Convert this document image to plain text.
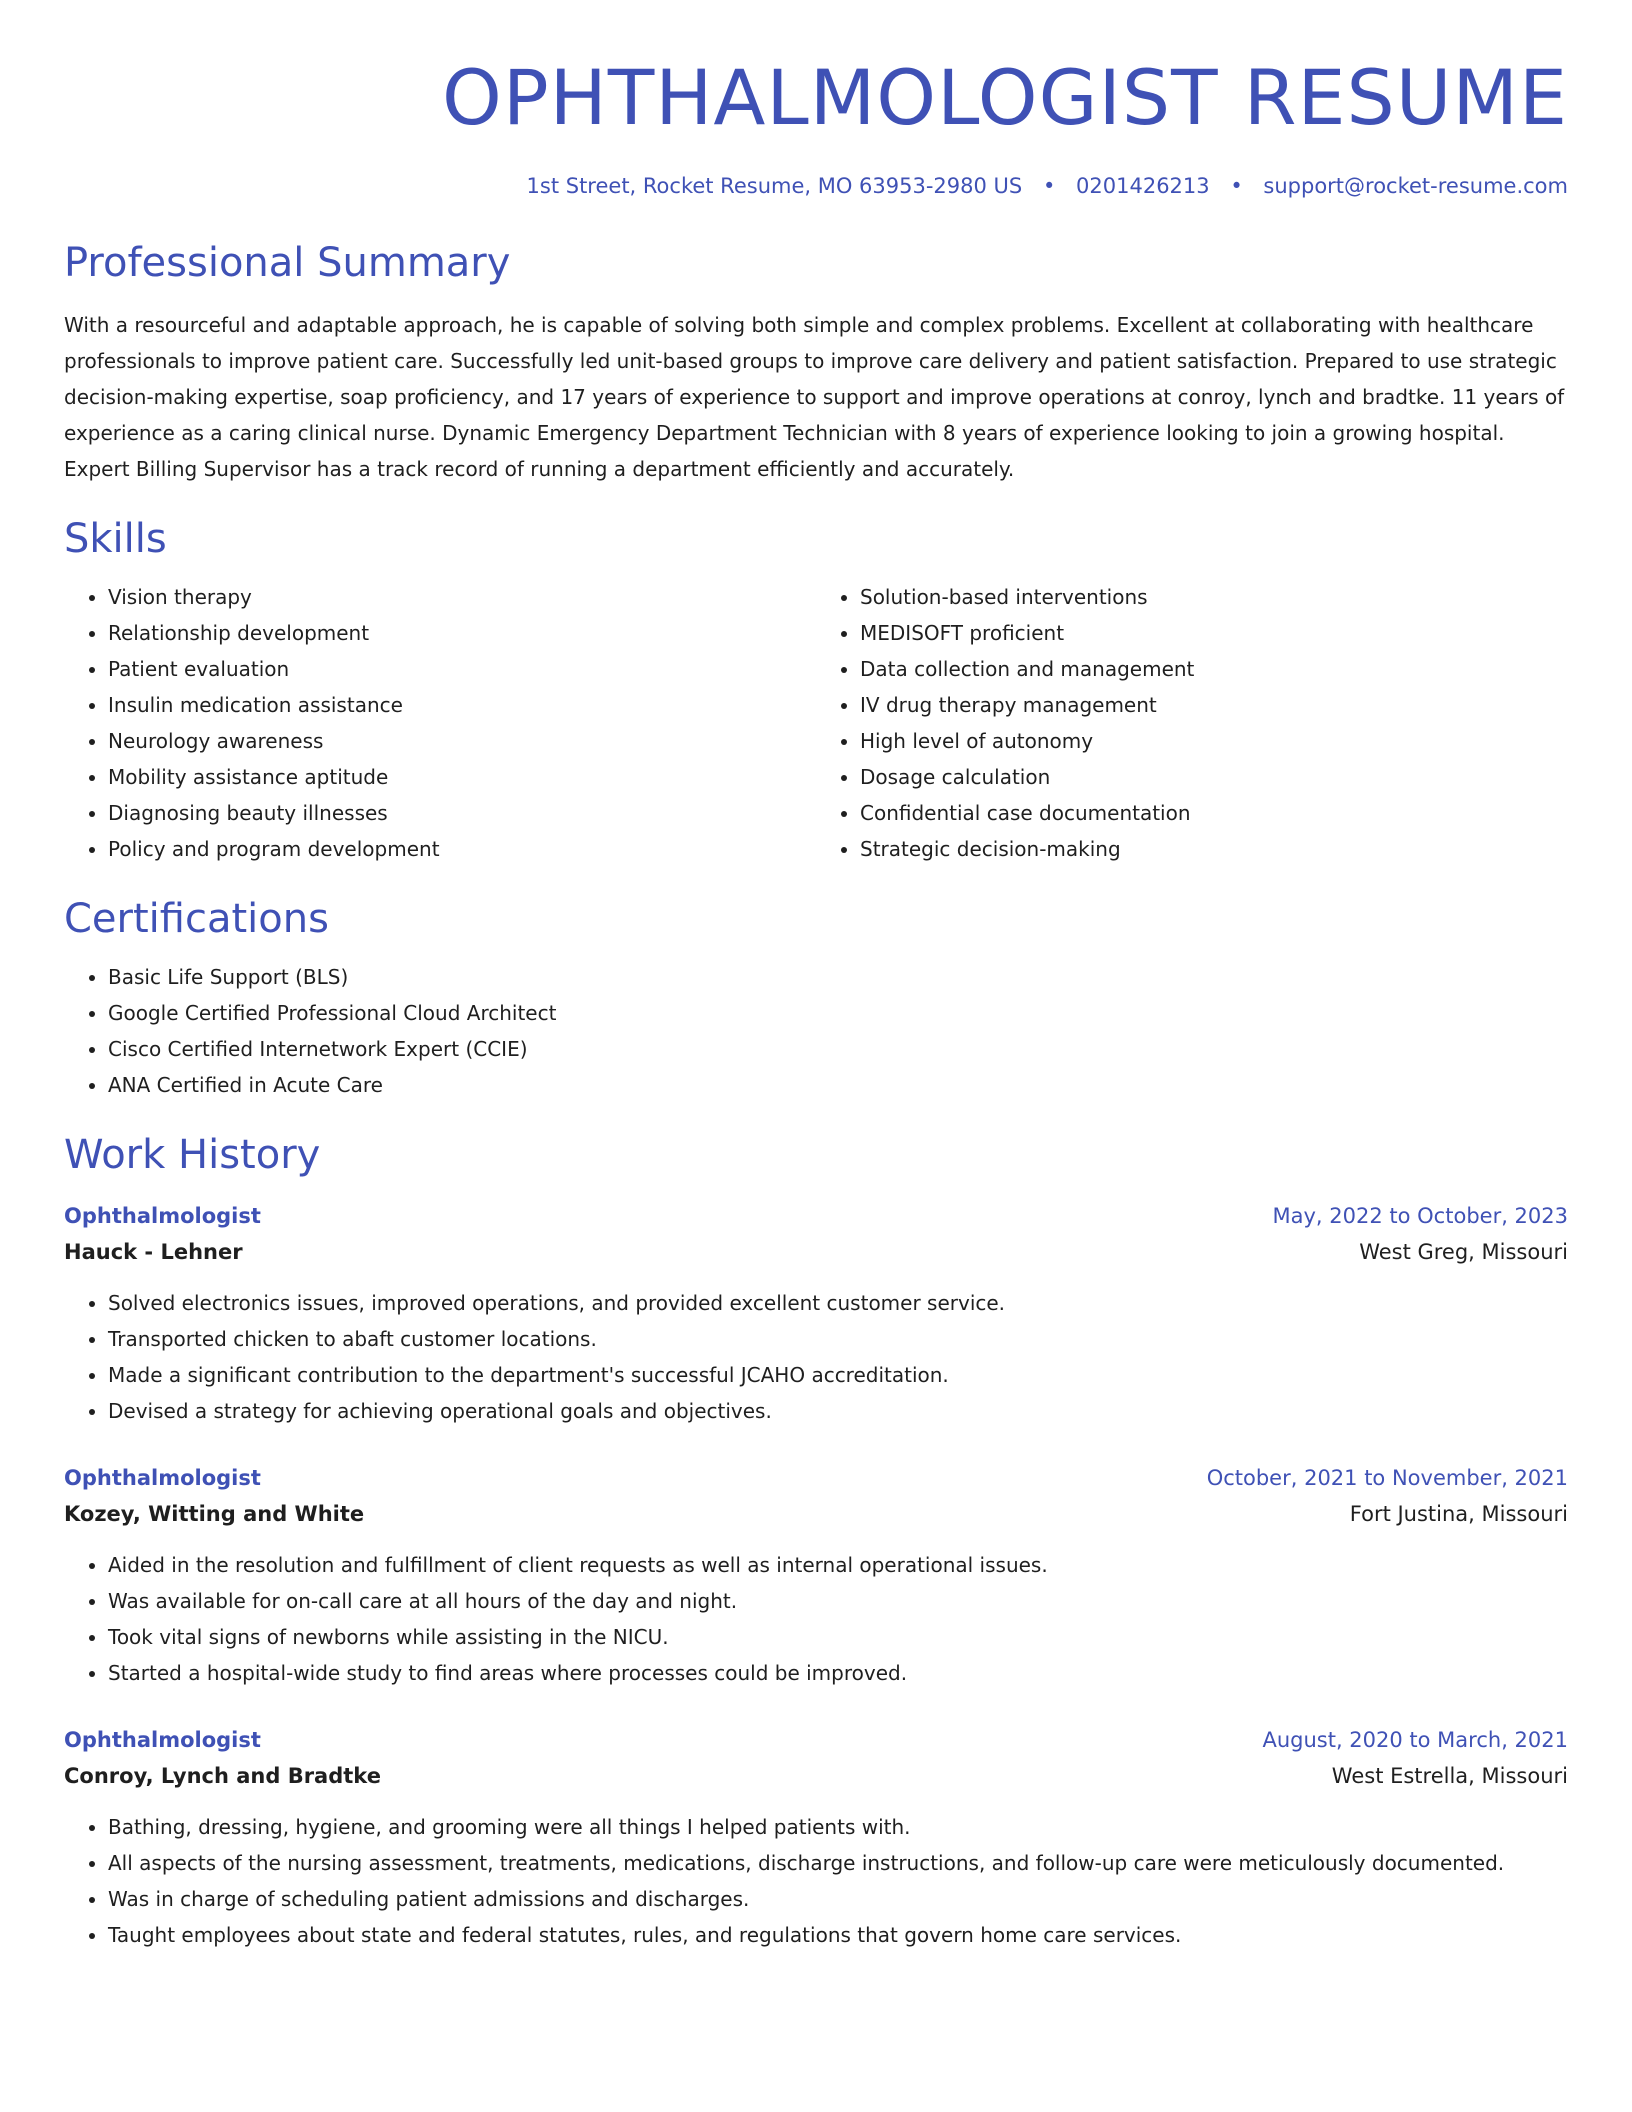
OPHTHALMOLOGIST RESUME
1st Street, Rocket Resume, MO 63953-2980 US • 0201426213 • support@rocket-resume.com
Professional Summary
With a resourceful and adaptable approach, he is capable of solving both simple and complex problems. Excellent at collaborating with healthcare professionals to improve patient care. Successfully led unit-based groups to improve care delivery and patient satisfaction. Prepared to use strategic decision-making expertise, soap proficiency, and 17 years of experience to support and improve operations at conroy, lynch and bradtke. 11 years of experience as a caring clinical nurse. Dynamic Emergency Department Technician with 8 years of experience looking to join a growing hospital. Expert Billing Supervisor has a track record of running a department efficiently and accurately.
Skills
• Vision therapy
• Relationship development
• Patient evaluation
• Insulin medication assistance
• Neurology awareness
• Mobility assistance aptitude
• Diagnosing beauty illnesses
• Policy and program development
• Solution-based interventions
• MEDISOFT proficient
• Data collection and management
• IV drug therapy management
• High level of autonomy
• Dosage calculation
• Confidential case documentation
• Strategic decision-making
Certifications
• Basic Life Support (BLS)
• Google Certified Professional Cloud Architect
• Cisco Certified Internetwork Expert (CCIE)
• ANA Certified in Acute Care
Work History
Ophthalmologist	May, 2022 to October, 2023
Hauck - Lehner	West Greg, Missouri
• Solved electronics issues, improved operations, and provided excellent customer service.
• Transported chicken to abaft customer locations.
• Made a significant contribution to the department's successful JCAHO accreditation.
• Devised a strategy for achieving operational goals and objectives.
Ophthalmologist	October, 2021 to November, 2021
Kozey, Witting and White	Fort Justina, Missouri
• Aided in the resolution and fulfillment of client requests as well as internal operational issues.
• Was available for on-call care at all hours of the day and night.
• Took vital signs of newborns while assisting in the NICU.
• Started a hospital-wide study to find areas where processes could be improved.
Ophthalmologist	August, 2020 to March, 2021
Conroy, Lynch and Bradtke	West Estrella, Missouri
• Bathing, dressing, hygiene, and grooming were all things I helped patients with.
• All aspects of the nursing assessment, treatments, medications, discharge instructions, and follow-up care were meticulously documented.
• Was in charge of scheduling patient admissions and discharges.
• Taught employees about state and federal statutes, rules, and regulations that govern home care services.
